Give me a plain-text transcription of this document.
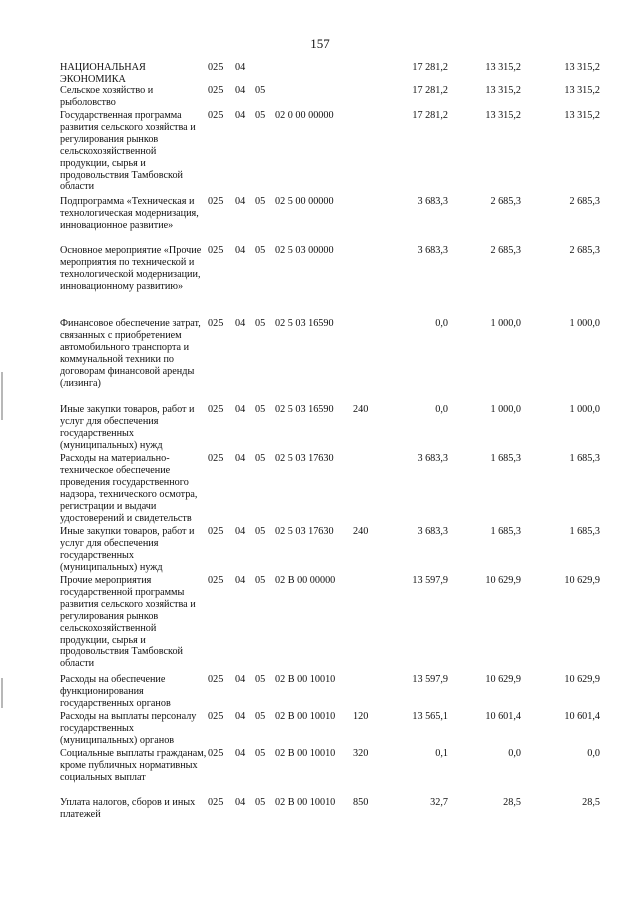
157
НАЦИОНАЛЬНАЯ ЭКОНОМИКА
025	04	17 281,2	13 315,2	13 315,2
Сельское хозяйство и рыболовство
025	04 05	17 281,2	13 315,2	13 315,2
Государственная программа развития сельского хозяйства и регулирования рынков сельскохозяйственной продукции, сырья и продовольствия Тамбовской области
025	04 05 02 0 00 00000	17 281,2	13 315,2	13 315,2
Подпрограмма «Техническая и технологическая модернизация, инновационное развитие»
025	04 05 02 5 00 00000	3 683,3	2 685,3	2 685,3
Основное мероприятие «Прочие мероприятия по технической и технологической модернизации, инновационному развитию»
025	04 05 02 5 03 00000	3 683,3	2 685,3	2 685,3
Финансовое обеспечение затрат, связанных с приобретением автомобильного транспорта и коммунальной техники по договорам финансовой аренды (лизинга)
025	04 05 02 5 03 16590	0,0	1 000,0	1 000,0
Иные закупки товаров, работ и услуг для обеспечения государственных (муниципальных) нужд
025	04 05 02 5 03 16590	240	0,0	1 000,0	1 000,0
Расходы на материально-техническое обеспечение проведения государственного надзора, технического осмотра, регистрации и выдачи удостоверений и свидетельств
025	04 05 02 5 03 17630	3 683,3	1 685,3	1 685,3
Иные закупки товаров, работ и услуг для обеспечения государственных (муниципальных) нужд
025	04 05 02 5 03 17630	240	3 683,3	1 685,3	1 685,3
Прочие мероприятия государственной программы развития сельского хозяйства и регулирования рынков сельскохозяйственной продукции, сырья и продовольствия Тамбовской области
025	04 05 02 В 00 00000	13 597,9	10 629,9	10 629,9
Расходы на обеспечение функционирования государственных органов
025	04 05 02 В 00 10010	13 597,9	10 629,9	10 629,9
Расходы на выплаты персоналу государственных (муниципальных) органов
025	04 05 02 В 00 10010	120	13 565,1	10 601,4	10 601,4
Социальные выплаты гражданам, кроме публичных нормативных социальных выплат
025	04 05 02 В 00 10010	320	0,1	0,0	0,0
Уплата налогов, сборов и иных платежей
025	04 05 02 В 00 10010	850	32,7	28,5	28,5
